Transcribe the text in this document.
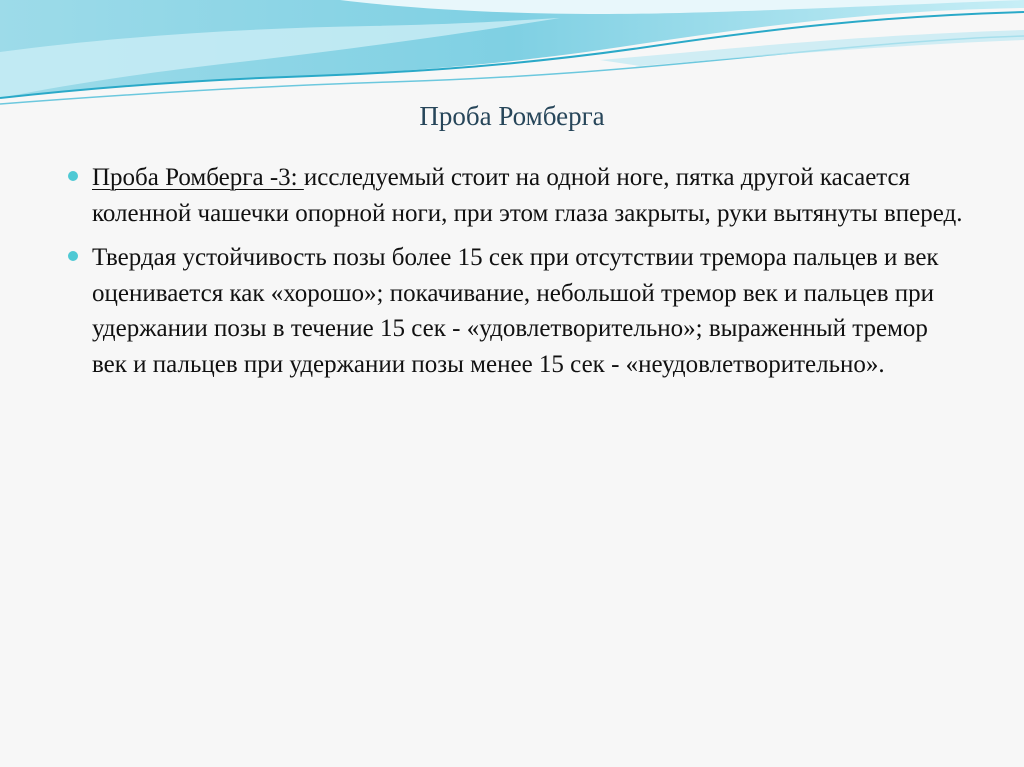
Проба Ромберга
Проба Ромберга -3: исследуемый стоит на одной ноге, пятка другой касается коленной чашечки опорной ноги, при этом глаза закрыты, руки вытянуты вперед.
Твердая устойчивость позы более 15 сек при отсутствии тремора пальцев и век оценивается как «хорошо»; покачивание, небольшой тремор век и пальцев при удержании позы в течение 15 сек - «удовлетворительно»; выраженный тремор век и пальцев при удержании позы менее 15 сек - «неудовлетворительно».
